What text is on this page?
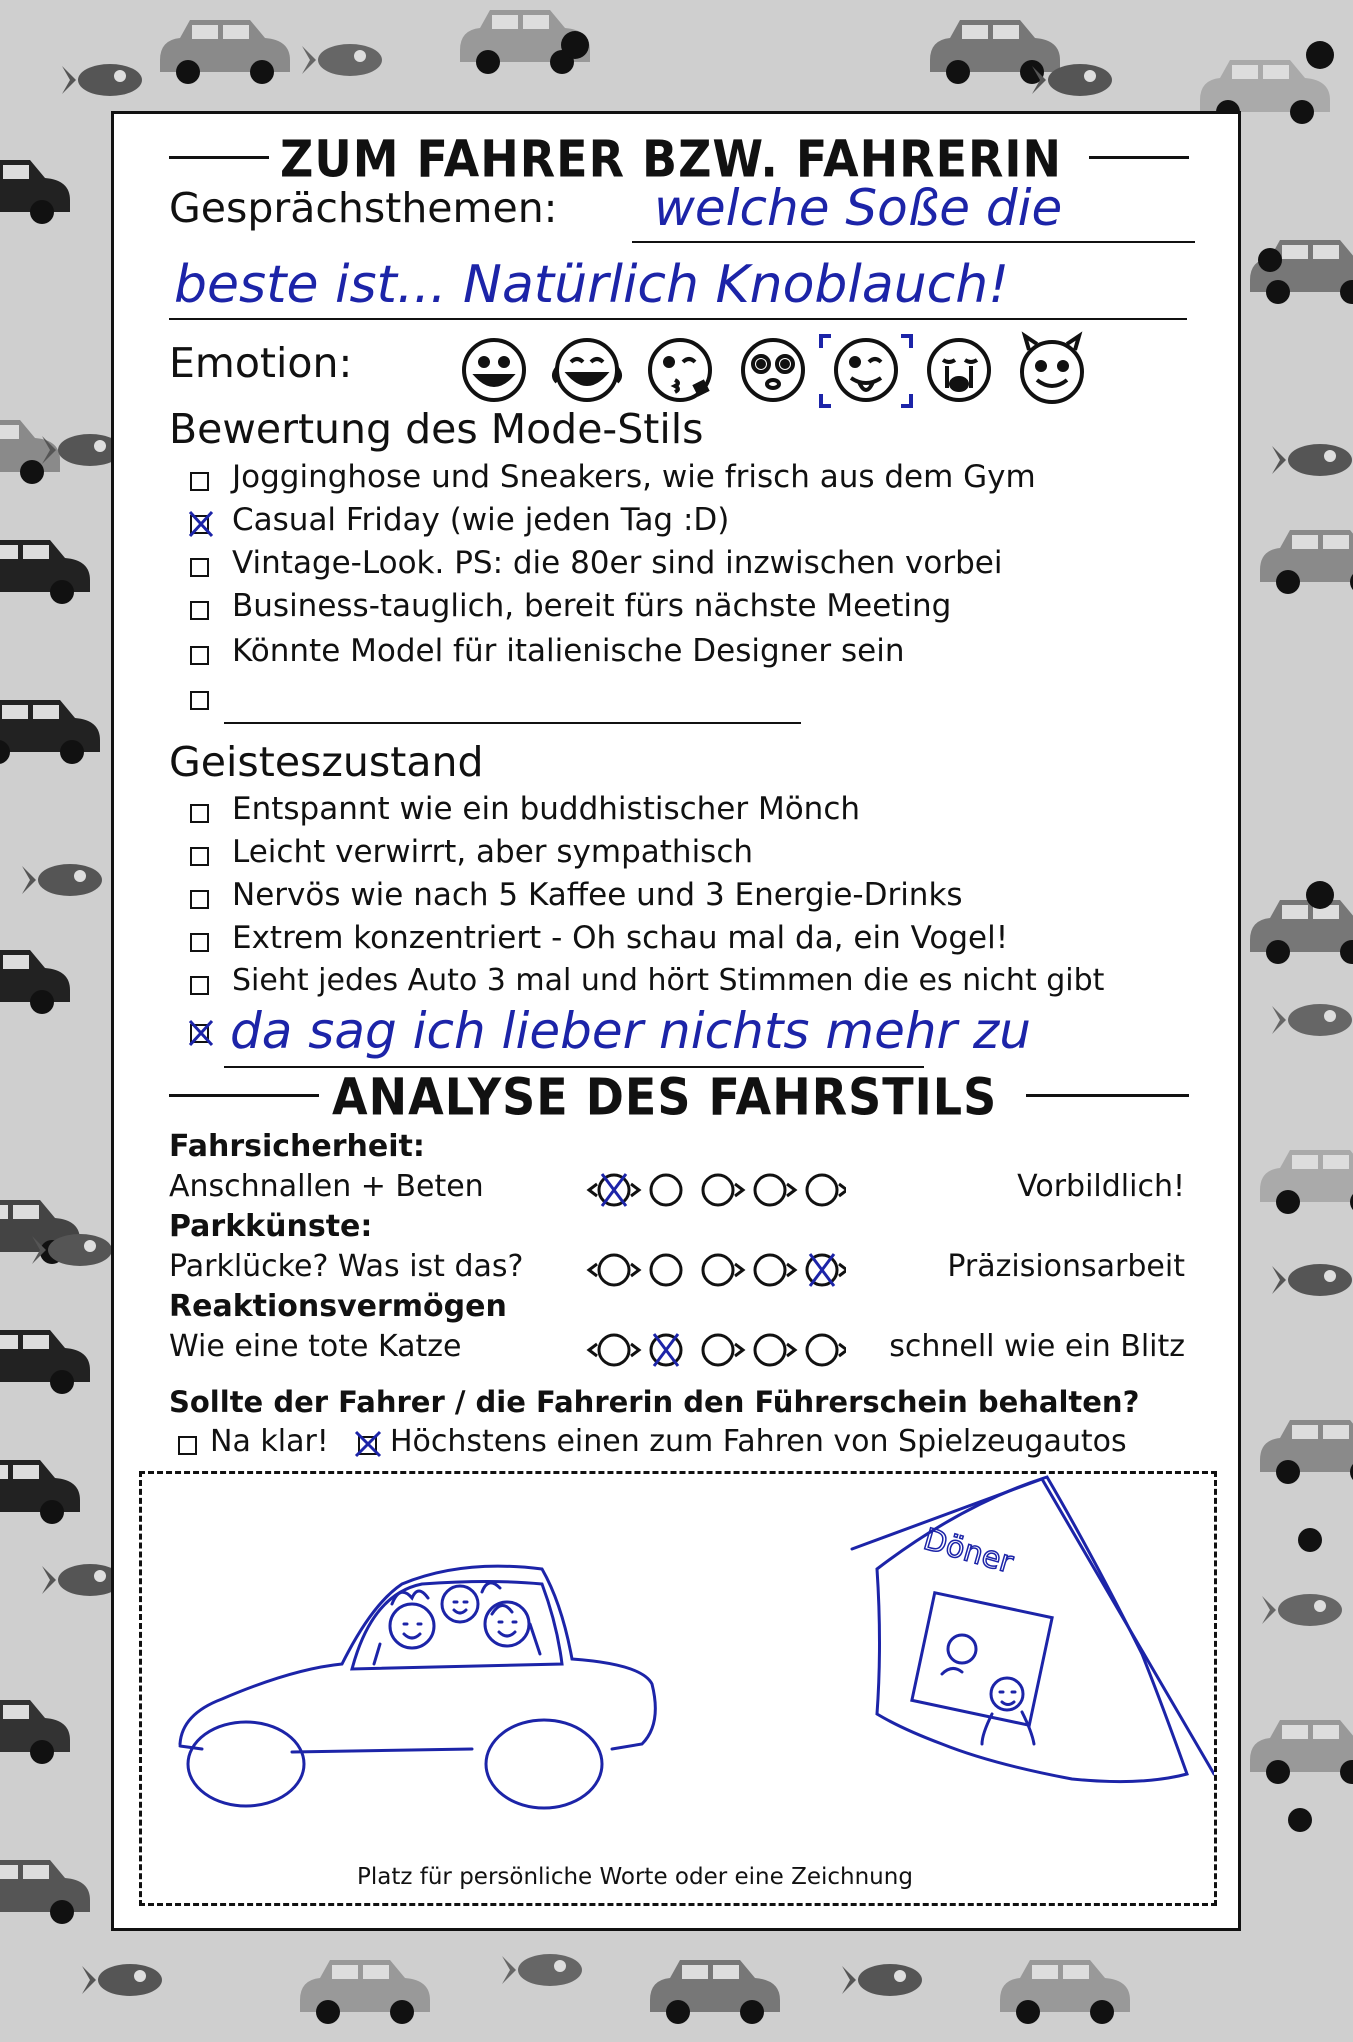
ZUM FAHRER BZW. FAHRERIN
Gesprächsthemen: welche Soße die
beste ist... Natürlich Knoblauch!
Emotion:
Bewertung des Mode-Stils
Jogginghose und Sneakers, wie frisch aus dem Gym
Casual Friday (wie jeden Tag :D)
Vintage-Look. PS: die 80er sind inzwischen vorbei
Business-tauglich, bereit fürs nächste Meeting
Könnte Model für italienische Designer sein
Geisteszustand
Entspannt wie ein buddhistischer Mönch
Leicht verwirrt, aber sympathisch
Nervös wie nach 5 Kaffee und 3 Energie-Drinks
Extrem konzentriert - Oh schau mal da, ein Vogel!
Sieht jedes Auto 3 mal und hört Stimmen die es nicht gibt
da sag ich lieber nichts mehr zu
ANALYSE DES FAHRSTILS
Fahrsicherheit:
Anschnallen + Beten	Vorbildlich!
Parkkünste:
Parklücke? Was ist das?	Präzisionsarbeit
Reaktionsvermögen
Wie eine tote Katze	schnell wie ein Blitz
Sollte der Fahrer / die Fahrerin den Führerschein behalten?
Na klar! Höchstens einen zum Fahren von Spielzeugautos
Döner
Platz für persönliche Worte oder eine Zeichnung
